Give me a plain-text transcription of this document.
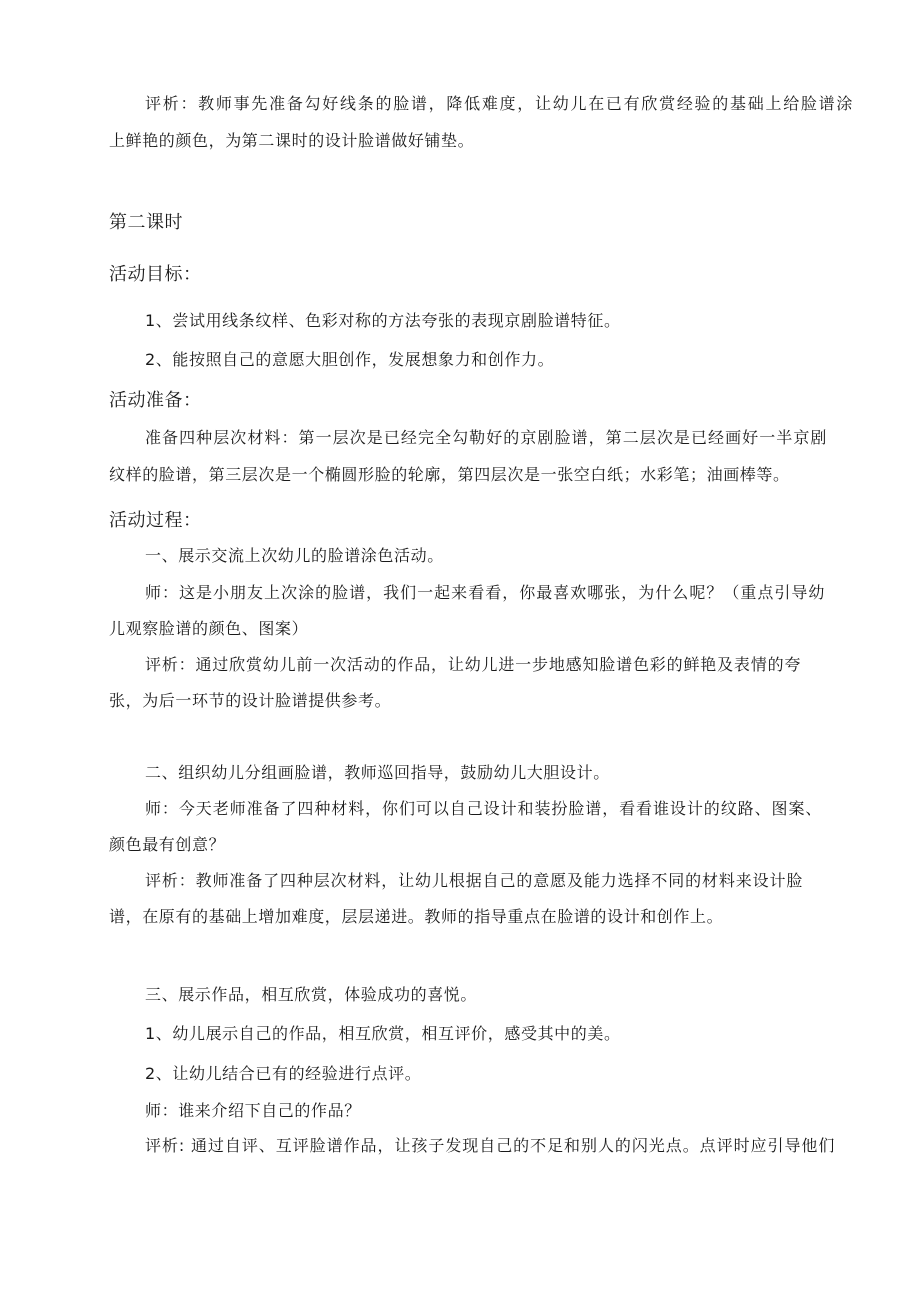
评析：教师事先准备勾好线条的脸谱，降低难度，让幼儿在已有欣赏经验的基础上给脸谱涂
上鲜艳的颜色，为第二课时的设计脸谱做好铺垫。
第二课时
活动目标：
1、尝试用线条纹样、色彩对称的方法夸张的表现京剧脸谱特征。
2、能按照自己的意愿大胆创作，发展想象力和创作力。
活动准备：
准备四种层次材料：第一层次是已经完全勾勒好的京剧脸谱，第二层次是已经画好一半京剧
纹样的脸谱，第三层次是一个椭圆形脸的轮廓，第四层次是一张空白纸；水彩笔；油画棒等。
活动过程：
一、展示交流上次幼儿的脸谱涂色活动。
师：这是小朋友上次涂的脸谱，我们一起来看看，你最喜欢哪张，为什么呢？（重点引导幼
儿观察脸谱的颜色、图案）
评析：通过欣赏幼儿前一次活动的作品，让幼儿进一步地感知脸谱色彩的鲜艳及表情的夸
张，为后一环节的设计脸谱提供参考。
二、组织幼儿分组画脸谱，教师巡回指导，鼓励幼儿大胆设计。
师：今天老师准备了四种材料，你们可以自己设计和装扮脸谱，看看谁设计的纹路、图案、
颜色最有创意？
评析：教师准备了四种层次材料，让幼儿根据自己的意愿及能力选择不同的材料来设计脸
谱，在原有的基础上增加难度，层层递进。教师的指导重点在脸谱的设计和创作上。
三、展示作品，相互欣赏，体验成功的喜悦。
1、幼儿展示自己的作品，相互欣赏，相互评价，感受其中的美。
2、让幼儿结合已有的经验进行点评。
师：谁来介绍下自己的作品？
评析: 通过自评、互评脸谱作品，让孩子发现自己的不足和别人的闪光点。点评时应引导他们
